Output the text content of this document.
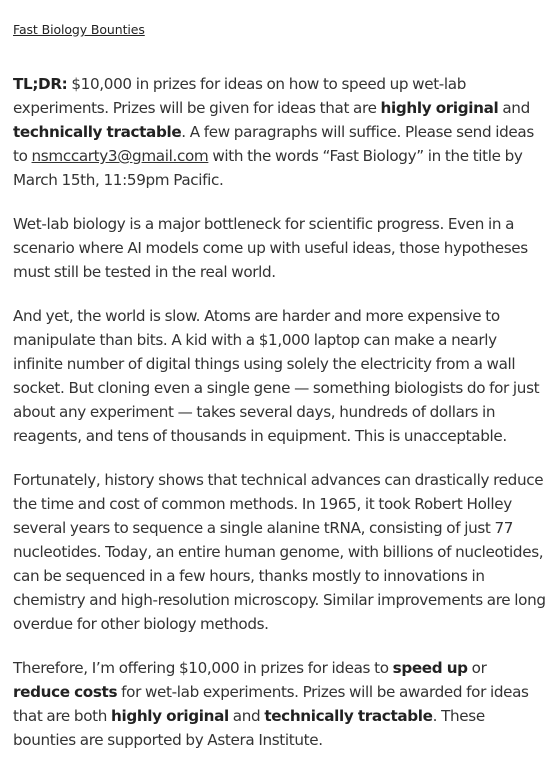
Fast Biology Bounties

TL;DR: $10,000 in prizes for ideas on how to speed up wet-lab experiments. Prizes will be given for ideas that are highly original and technically tractable. A few paragraphs will suffice. Please send ideas to nsmccarty3@gmail.com with the words “Fast Biology” in the title by March 15th, 11:59pm Pacific.

Wet-lab biology is a major bottleneck for scientific progress. Even in a scenario where AI models come up with useful ideas, those hypotheses must still be tested in the real world.

And yet, the world is slow. Atoms are harder and more expensive to manipulate than bits. A kid with a $1,000 laptop can make a nearly infinite number of digital things using solely the electricity from a wall socket. But cloning even a single gene — something biologists do for just about any experiment — takes several days, hundreds of dollars in reagents, and tens of thousands in equipment. This is unacceptable.

Fortunately, history shows that technical advances can drastically reduce the time and cost of common methods. In 1965, it took Robert Holley several years to sequence a single alanine tRNA, consisting of just 77 nucleotides. Today, an entire human genome, with billions of nucleotides, can be sequenced in a few hours, thanks mostly to innovations in chemistry and high-resolution microscopy. Similar improvements are long overdue for other biology methods.

Therefore, I’m offering $10,000 in prizes for ideas to speed up or reduce costs for wet-lab experiments. Prizes will be awarded for ideas that are both highly original and technically tractable. These bounties are supported by Astera Institute.
